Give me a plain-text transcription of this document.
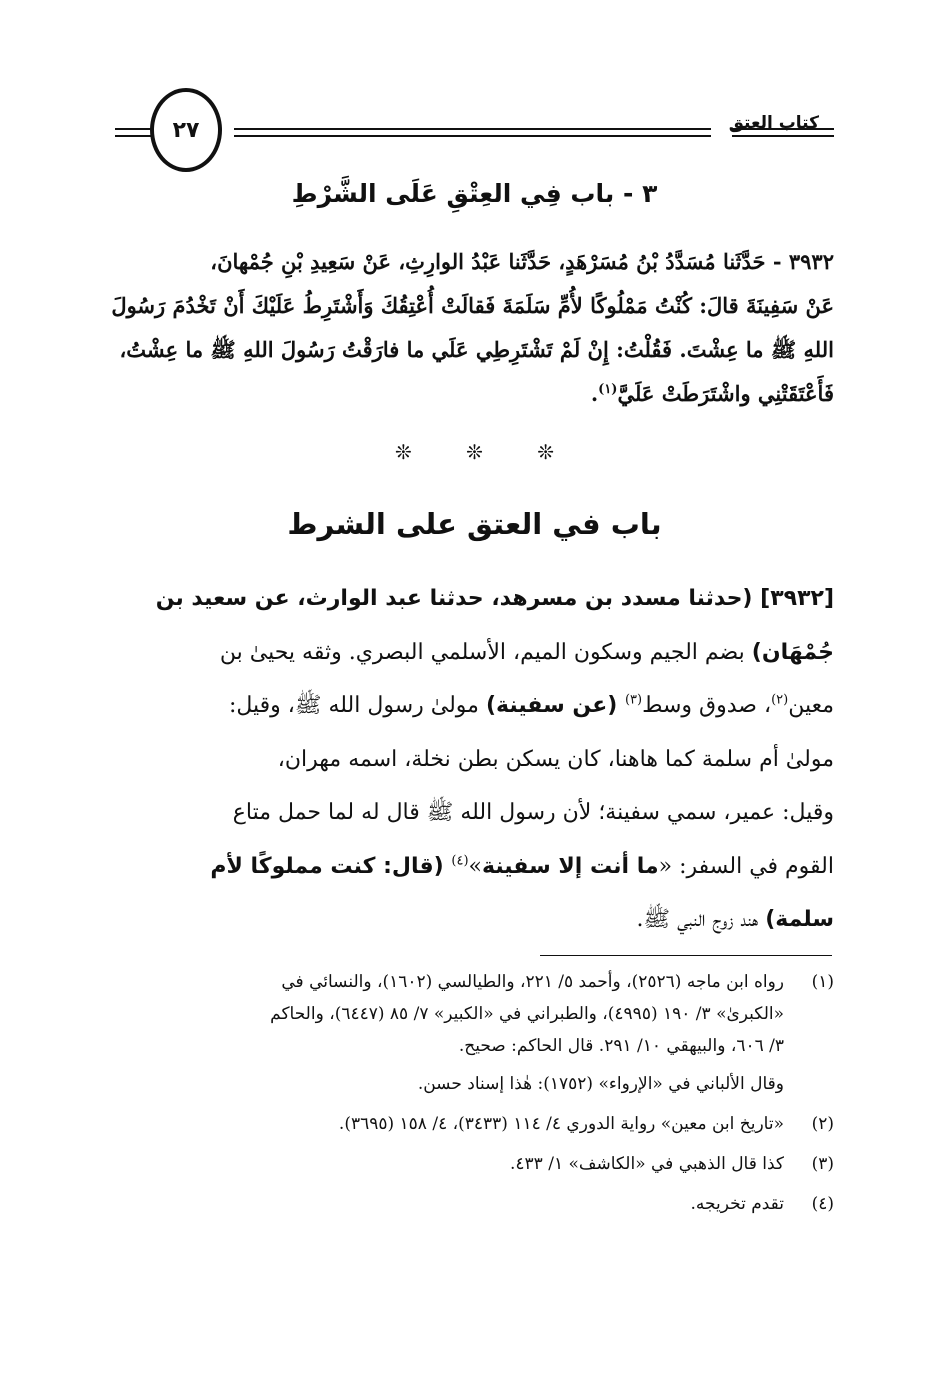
كتاب العتق
٢٧
٣ - باب فِي العِتْقِ عَلَى الشَّرْطِ
٣٩٣٢ - حَدَّثَنا مُسَدَّدُ بْنُ مُسَرْهَدٍ، حَدَّثَنا عَبْدُ الوارِثِ، عَنْ سَعِيدِ بْنِ جُمْهانَ،
عَنْ سَفِينَةَ قالَ: كُنْتُ مَمْلُوكًا لأُمِّ سَلَمَةَ فَقالَتْ أُعْتِقُكَ وَأَشْتَرِطُ عَلَيْكَ أَنْ تَخْدُمَ رَسُولَ
اللهِ ﷺ ما عِشْتَ. فَقُلْتُ: إِنْ لَمْ تَشْتَرِطِي عَلَي ما فارَقْتُ رَسُولَ اللهِ ﷺ ما عِشْتُ،
فَأَعْتَقَتْنِي واشْتَرَطَتْ عَلَيَّ$^{(١)}$.
❊ ❊ ❊
باب في العتق على الشرط
[٣٩٣٢] (حدثنا مسدد بن مسرهد، حدثنا عبد الوارث، عن سعيد بن
جُمْهَان) بضم الجيم وسكون الميم، الأسلمي البصري. وثقه يحيىٰ بن
معين$^{(٢)}$، صدوق وسط$^{(٣)}$ (عن سفينة) مولىٰ رسول الله ﷺ، وقيل:
مولىٰ أم سلمة كما هاهنا، كان يسكن بطن نخلة، اسمه مهران،
وقيل: عمير، سمي سفينة؛ لأن رسول الله ﷺ قال له لما حمل متاع
القوم في السفر: «ما أنت إلا سفينة»$^{(٤)}$ (قال: كنت مملوكًا لأم
سلمة) هند زوج النبي ﷺ.
(١)
رواه ابن ماجه (٢٥٢٦)، وأحمد ٥/ ٢٢١، والطيالسي (١٦٠٢)، والنسائي في
«الكبرىٰ» ٣/ ١٩٠ (٤٩٩٥)، والطبراني في «الكبير» ٧/ ٨٥ (٦٤٤٧)، والحاكم
٣/ ٦٠٦، والبيهقي ١٠/ ٢٩١. قال الحاكم: صحيح.
وقال الألباني في «الإرواء» (١٧٥٢): هٰذا إسناد حسن.
(٢)
«تاريخ ابن معين» رواية الدوري ٤/ ١١٤ (٣٤٣٣)، ٤/ ١٥٨ (٣٦٩٥).
(٣)
كذا قال الذهبي في «الكاشف» ١/ ٤٣٣.
(٤)
تقدم تخريجه.
